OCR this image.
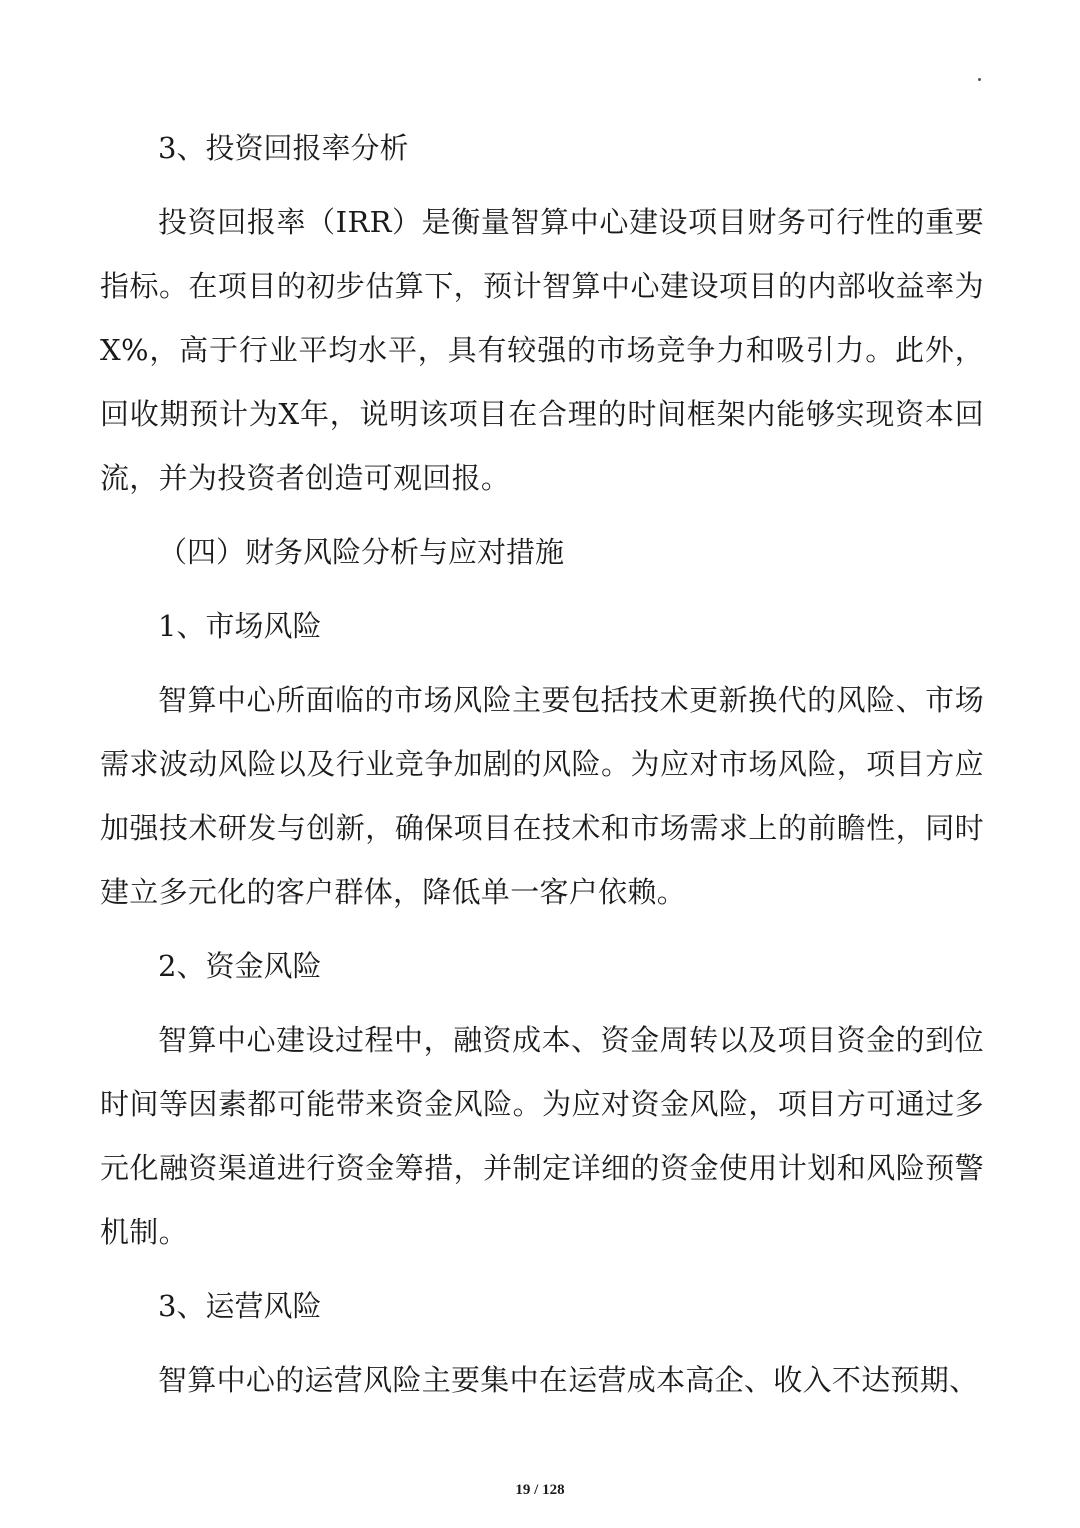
3、投资回报率分析

投资回报率（IRR）是衡量智算中心建设项目财务可行性的重要指标。在项目的初步估算下，预计智算中心建设项目的内部收益率为X%，高于行业平均水平，具有较强的市场竞争力和吸引力。此外，回收期预计为X年，说明该项目在合理的时间框架内能够实现资本回流，并为投资者创造可观回报。

（四）财务风险分析与应对措施

1、市场风险

智算中心所面临的市场风险主要包括技术更新换代的风险、市场需求波动风险以及行业竞争加剧的风险。为应对市场风险，项目方应加强技术研发与创新，确保项目在技术和市场需求上的前瞻性，同时建立多元化的客户群体，降低单一客户依赖。

2、资金风险

智算中心建设过程中，融资成本、资金周转以及项目资金的到位时间等因素都可能带来资金风险。为应对资金风险，项目方可通过多元化融资渠道进行资金筹措，并制定详细的资金使用计划和风险预警机制。

3、运营风险

智算中心的运营风险主要集中在运营成本高企、收入不达预期、

19 / 128
